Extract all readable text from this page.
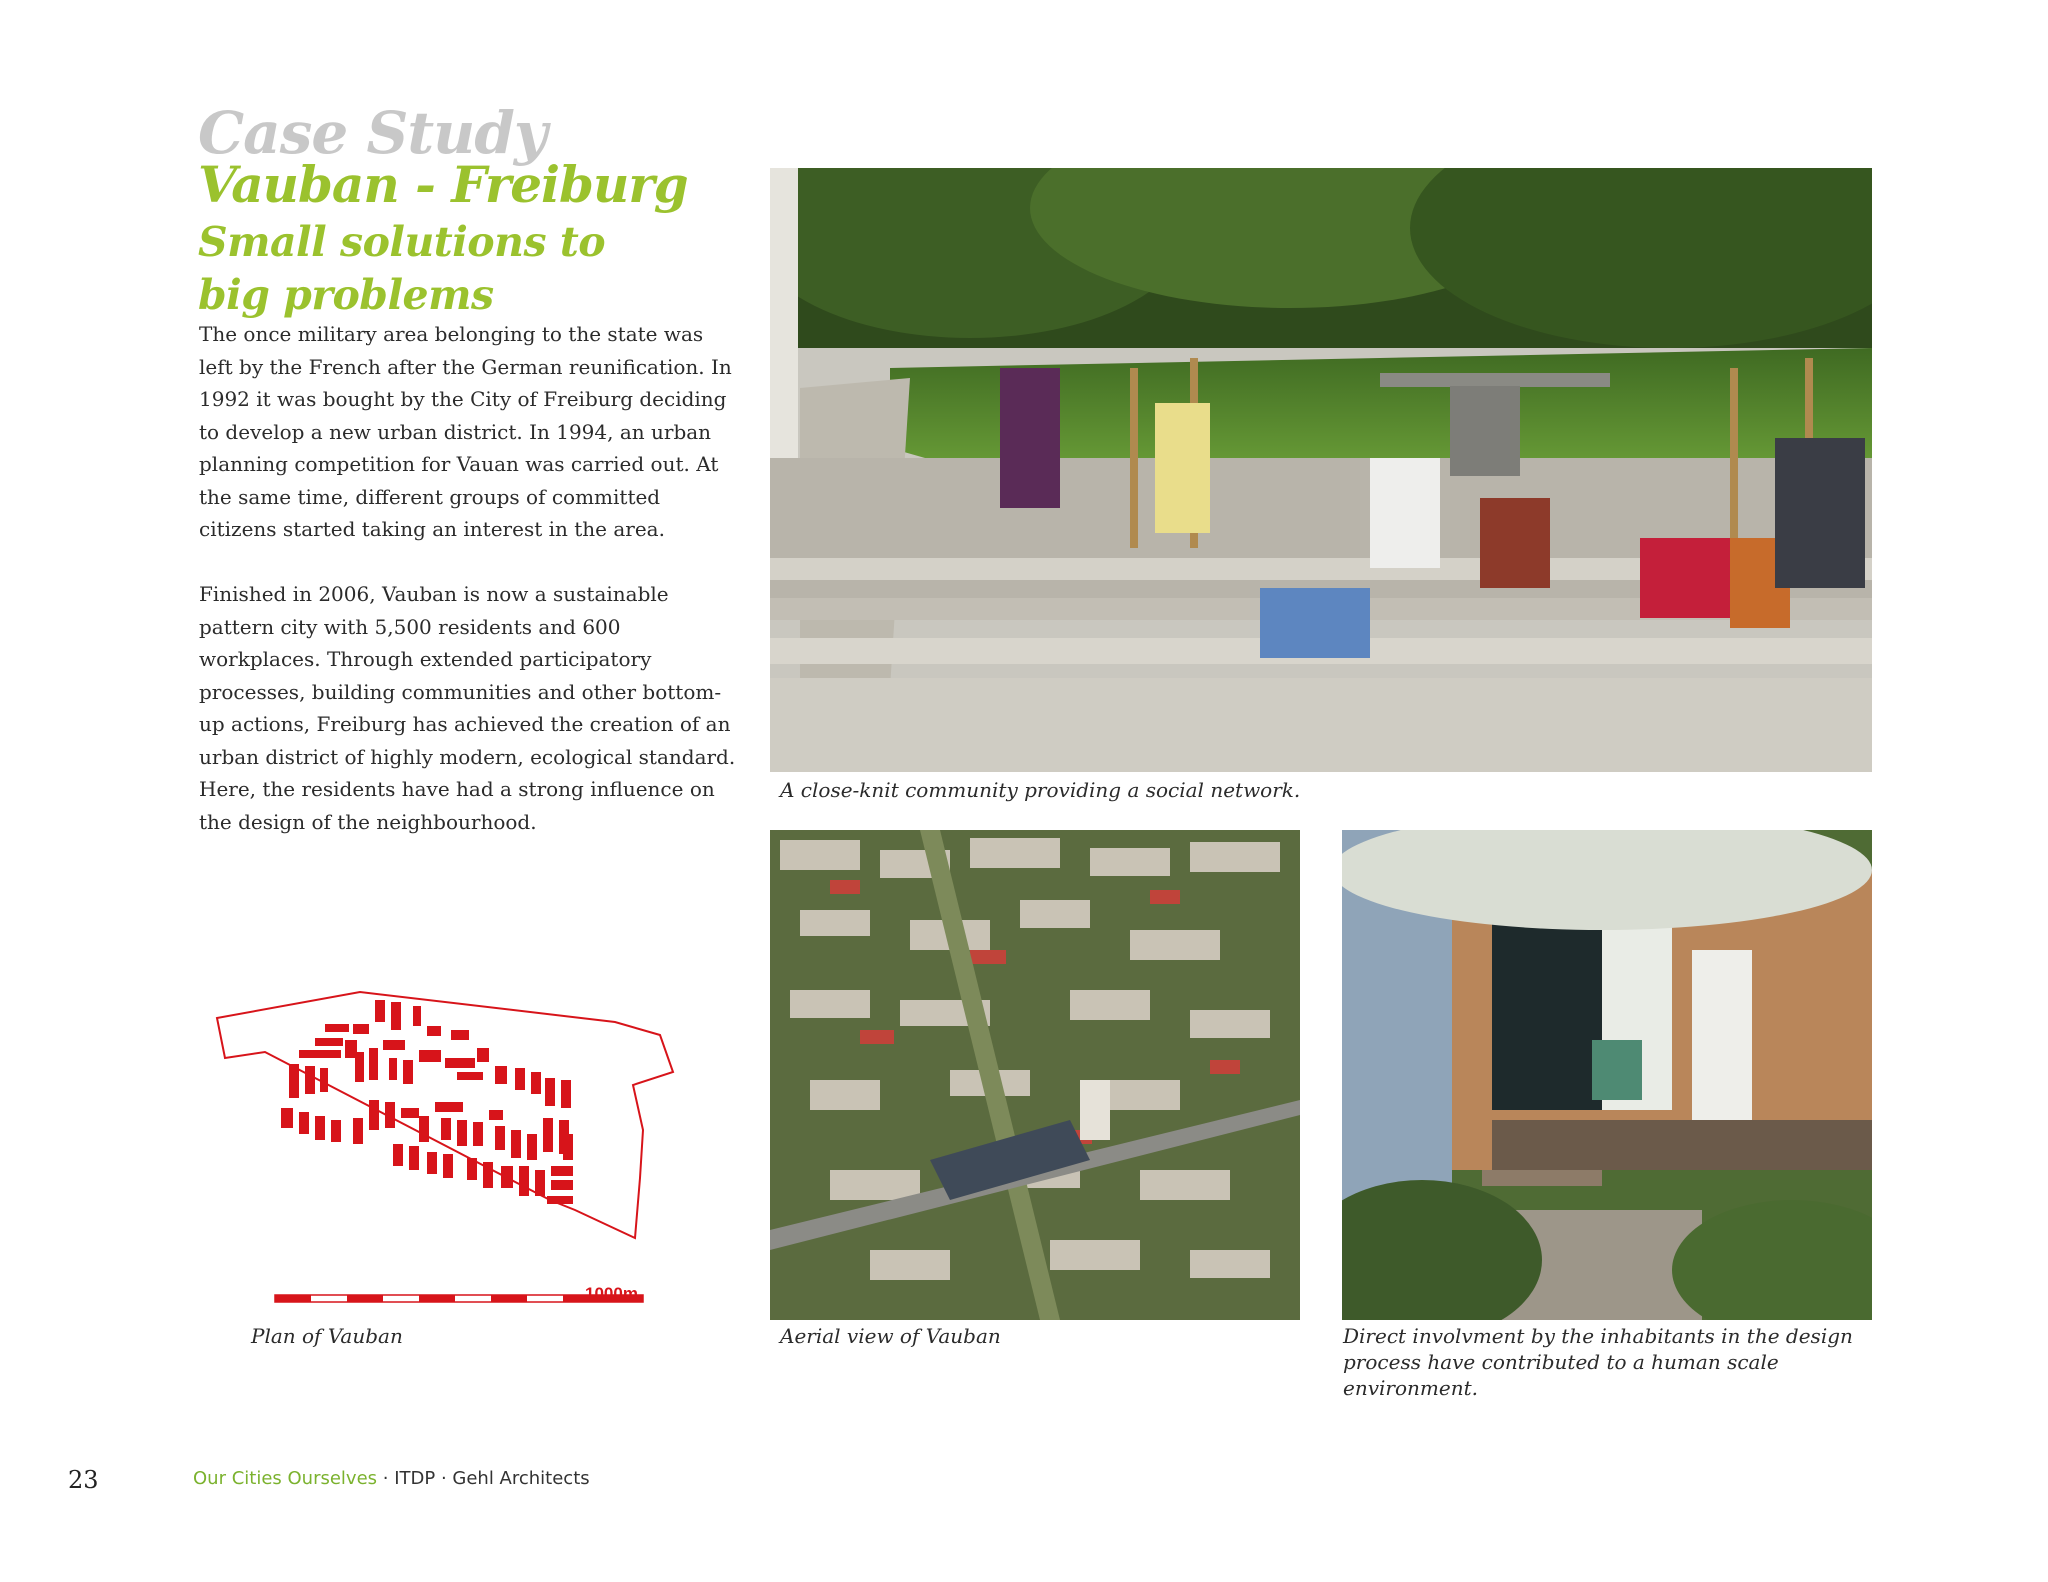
Case Study
Vauban - Freiburg
Small solutions to big problems

The once military area belonging to the state was left by the French after the German reunification. In 1992 it was bought by the City of Freiburg deciding to develop a new urban district. In 1994, an urban planning competition for Vauan was carried out. At the same time, different groups of committed citizens started taking an interest in the area.

Finished in 2006, Vauban is now a sustainable pattern city with 5,500 residents and 600 workplaces. Through extended participatory processes, building communities and other bottom-up actions, Freiburg has achieved the creation of an urban district of highly modern, ecological standard. Here, the residents have had a strong influence on the design of the neighbourhood.

1000m
Plan of Vauban
A close-knit community providing a social network.
Aerial view of Vauban	Direct involvment by the inhabitants in the design process have contributed to a human scale environment.
23	Our Cities Ourselves · ITDP · Gehl Architects
